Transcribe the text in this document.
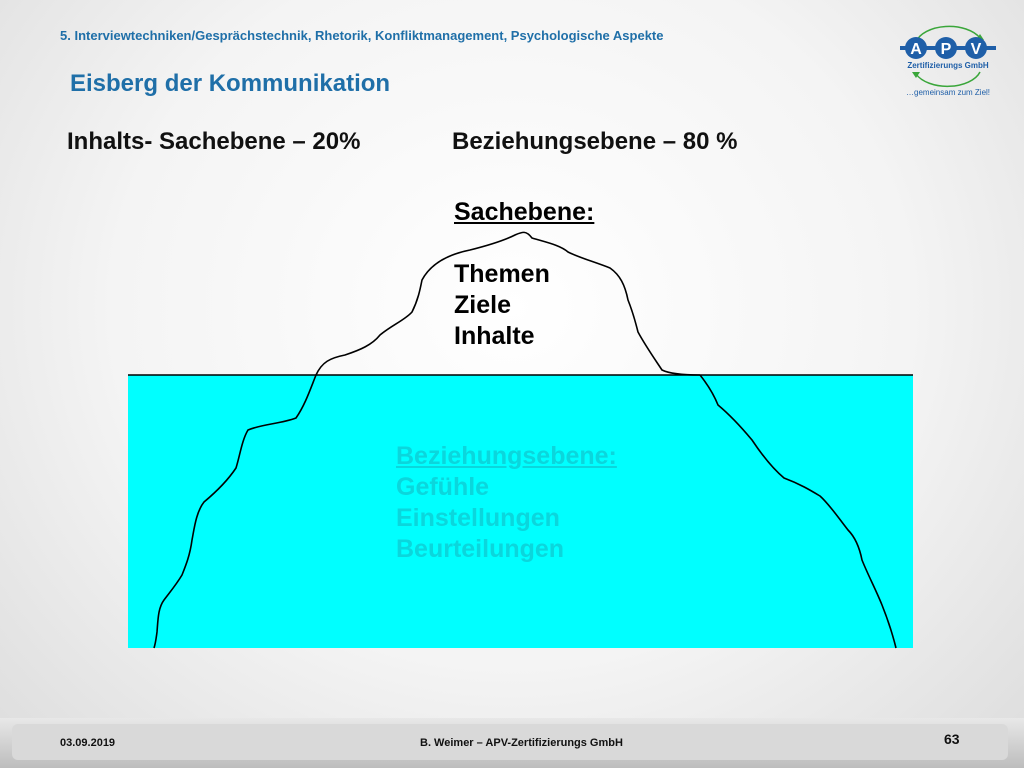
5. Interviewtechniken/Gesprächstechnik, Rhetorik, Konfliktmanagement, Psychologische Aspekte
Eisberg der Kommunikation
A P V
Zertifizierungs GmbH
…gemeinsam zum Ziel!
Inhalts- Sachebene – 20%	Beziehungsebene – 80 %
Sachebene:
Themen
Ziele
Inhalte
Beziehungsebene:
Gefühle
Einstellungen
Beurteilungen
03.09.2019	B. Weimer – APV-Zertifizierungs GmbH	63
